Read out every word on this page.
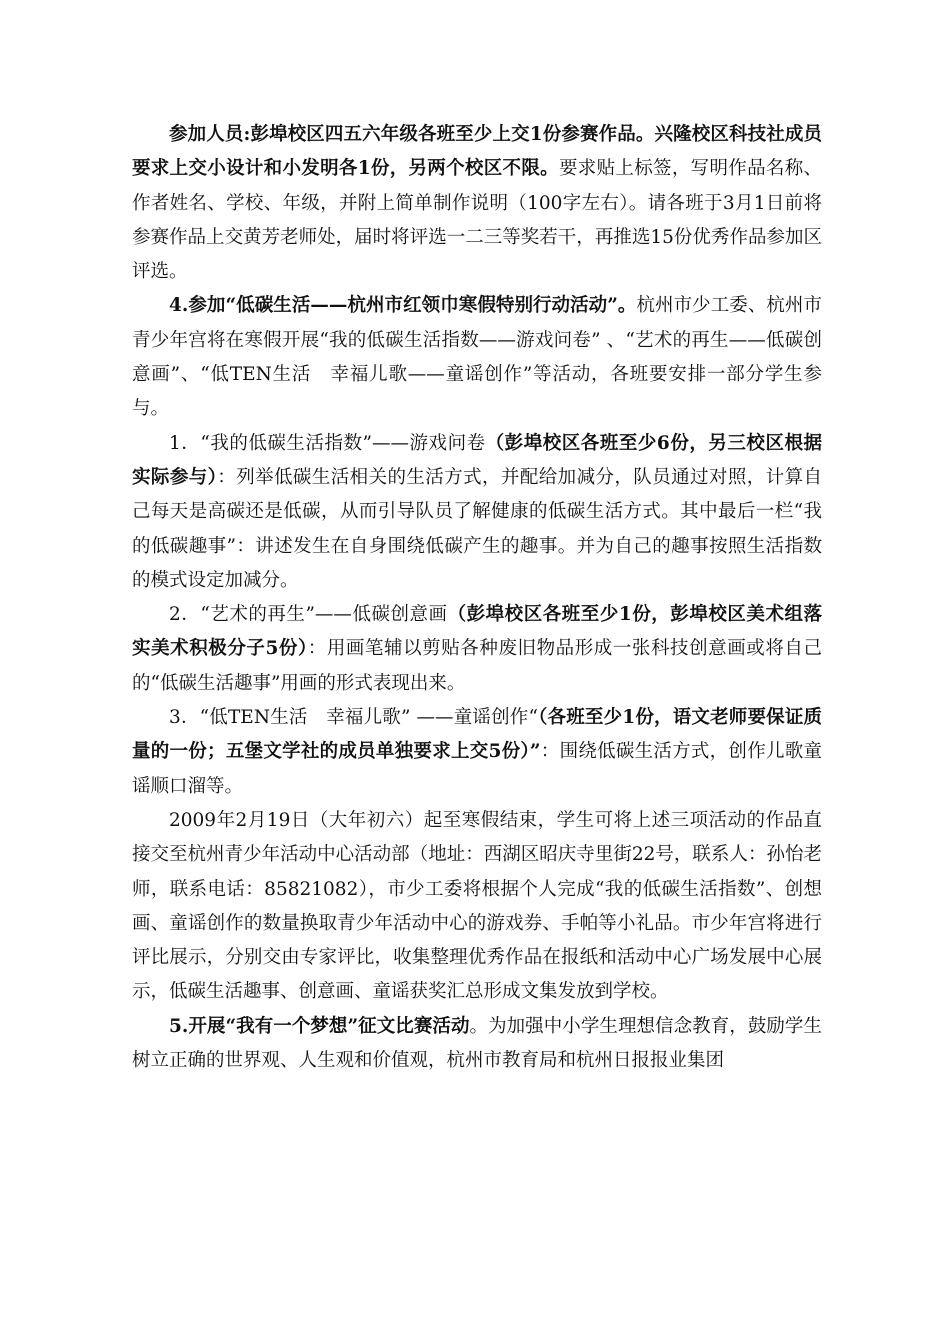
参加人员:彭埠校区四五六年级各班至少上交1份参赛作品。兴隆校区科技社成员要求上交小设计和小发明各1份，另两个校区不限。要求贴上标签，写明作品名称、作者姓名、学校、年级，并附上简单制作说明（100字左右）。请各班于3月1日前将参赛作品上交黄芳老师处，届时将评选一二三等奖若干，再推选15份优秀作品参加区评选。

4.参加“低碳生活——杭州市红领巾寒假特别行动活动”。杭州市少工委、杭州市青少年宫将在寒假开展“我的低碳生活指数——游戏问卷” 、“艺术的再生——低碳创意画”、“低TEN生活　幸福儿歌——童谣创作”等活动，各班要安排一部分学生参与。

1．“我的低碳生活指数”——游戏问卷（彭埠校区各班至少6份，另三校区根据实际参与）：列举低碳生活相关的生活方式，并配给加减分，队员通过对照，计算自己每天是高碳还是低碳，从而引导队员了解健康的低碳生活方式。其中最后一栏“我的低碳趣事”：讲述发生在自身围绕低碳产生的趣事。并为自己的趣事按照生活指数的模式设定加减分。

2．“艺术的再生”——低碳创意画（彭埠校区各班至少1份，彭埠校区美术组落实美术积极分子5份）：用画笔辅以剪贴各种废旧物品形成一张科技创意画或将自己的“低碳生活趣事”用画的形式表现出来。

3．“低TEN生活　幸福儿歌” ——童谣创作“（各班至少1份，语文老师要保证质量的一份；五堡文学社的成员单独要求上交5份）”：围绕低碳生活方式，创作儿歌童谣顺口溜等。

2009年2月19日（大年初六）起至寒假结束，学生可将上述三项活动的作品直接交至杭州青少年活动中心活动部（地址：西湖区昭庆寺里街22号，联系人：孙怡老师，联系电话：85821082），市少工委将根据个人完成“我的低碳生活指数”、创想画、童谣创作的数量换取青少年活动中心的游戏券、手帕等小礼品。市少年宫将进行评比展示，分别交由专家评比，收集整理优秀作品在报纸和活动中心广场发展中心展示，低碳生活趣事、创意画、童谣获奖汇总形成文集发放到学校。

5.开展“我有一个梦想”征文比赛活动。为加强中小学生理想信念教育，鼓励学生树立正确的世界观、人生观和价值观，杭州市教育局和杭州日报报业集团
